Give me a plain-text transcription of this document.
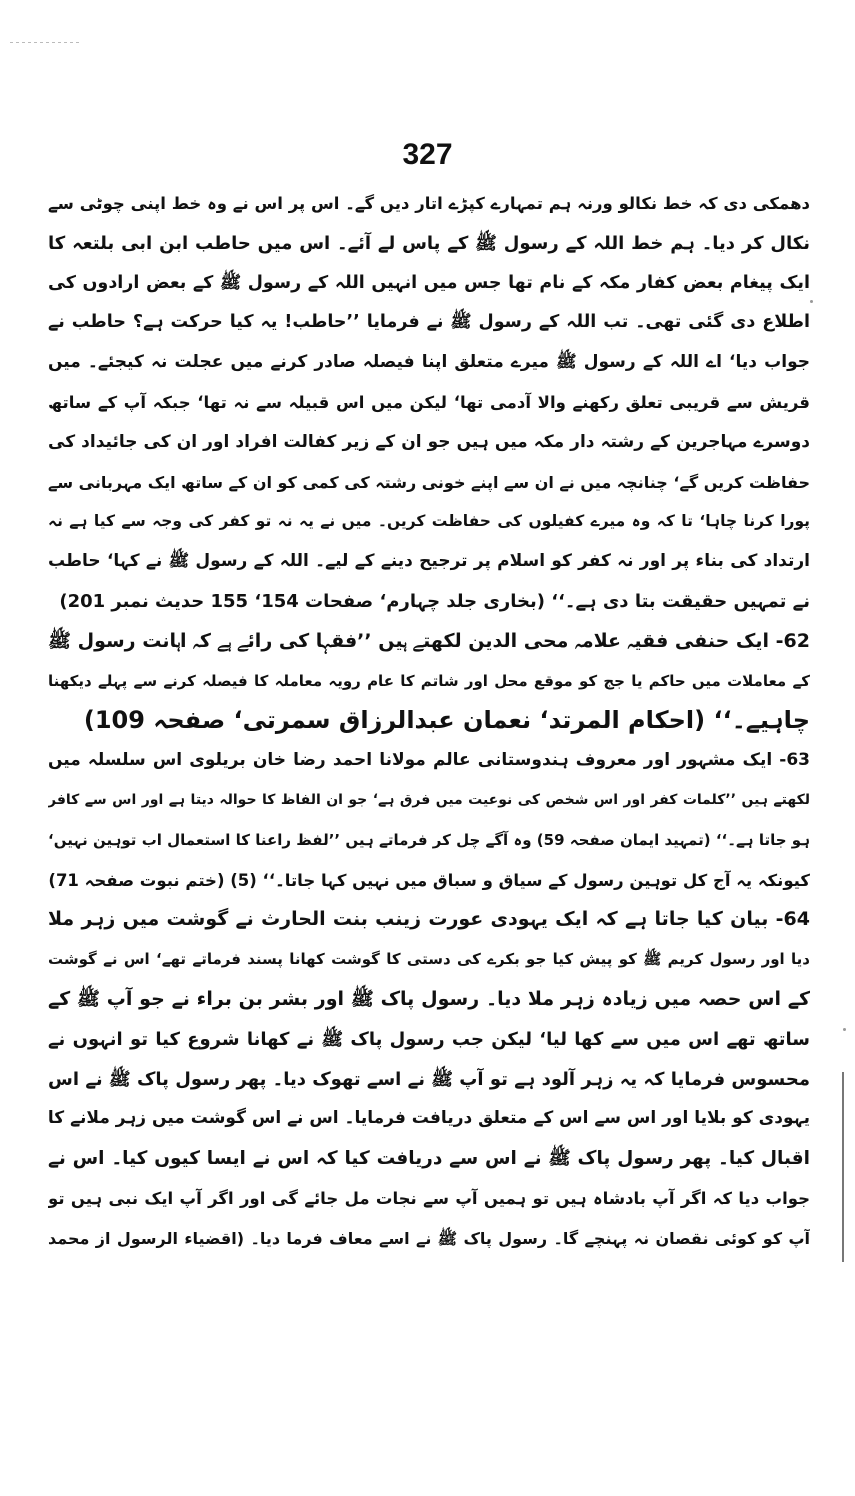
327
دھمکی دی کہ خط نکالو ورنہ ہم تمہارے کپڑے اتار دیں گے۔ اس پر اس نے وہ خط اپنی چوٹی سے
نکال کر دیا۔ ہم خط اللہ کے رسول ﷺ کے پاس لے آئے۔ اس میں حاطب ابن ابی بلتعہ کا
ایک پیغام بعض کفار مکہ کے نام تھا جس میں انہیں اللہ کے رسول ﷺ کے بعض ارادوں کی
اطلاع دی گئی تھی۔ تب اللہ کے رسول ﷺ نے فرمایا ’’حاطب! یہ کیا حرکت ہے؟ حاطب نے
جواب دیا‘ اے اللہ کے رسول ﷺ میرے متعلق اپنا فیصلہ صادر کرنے میں عجلت نہ کیجئے۔ میں
قریش سے قریبی تعلق رکھنے والا آدمی تھا‘ لیکن میں اس قبیلہ سے نہ تھا‘ جبکہ آپ کے ساتھ
دوسرے مہاجرین کے رشتہ دار مکہ میں ہیں جو ان کے زیر کفالت افراد اور ان کی جائیداد کی
حفاظت کریں گے‘ چنانچہ میں نے ان سے اپنے خونی رشتہ کی کمی کو ان کے ساتھ ایک مہربانی سے
پورا کرنا چاہا‘ تا کہ وہ میرے کفیلوں کی حفاظت کریں۔ میں نے یہ نہ تو کفر کی وجہ سے کیا ہے نہ
ارتداد کی بناء پر اور نہ کفر کو اسلام پر ترجیح دینے کے لیے۔ اللہ کے رسول ﷺ نے کہا‘ حاطب
نے تمہیں حقیقت بتا دی ہے۔‘‘ (بخاری جلد چہارم‘ صفحات 154‘ 155 حدیث نمبر 201)
62- ایک حنفی فقیہ علامہ محی الدین لکھتے ہیں ’’فقہا کی رائے ہے کہ اہانت رسول ﷺ
کے معاملات میں حاکم یا جج کو موقع محل اور شاتم کا عام رویہ معاملہ کا فیصلہ کرنے سے پہلے دیکھنا
چاہیے۔‘‘ (احکام المرتد‘ نعمان عبدالرزاق سمرتی‘ صفحہ 109)
63- ایک مشہور اور معروف ہندوستانی عالم مولانا احمد رضا خان بریلوی اس سلسلہ میں
لکھتے ہیں ’’کلمات کفر اور اس شخص کی نوعیت میں فرق ہے‘ جو ان الفاظ کا حوالہ دیتا ہے اور اس سے کافر
ہو جاتا ہے۔‘‘ (تمہید ایمان صفحہ 59) وہ آگے چل کر فرماتے ہیں ’’لفظ راعنا کا استعمال اب توہین نہیں‘
کیونکہ یہ آج کل توہین رسول کے سیاق و سباق میں نہیں کہا جاتا۔‘‘ (5) (ختم نبوت صفحہ 71)
64- بیان کیا جاتا ہے کہ ایک یہودی عورت زینب بنت الحارث نے گوشت میں زہر ملا
دیا اور رسول کریم ﷺ کو پیش کیا جو بکرے کی دستی کا گوشت کھانا پسند فرماتے تھے‘ اس نے گوشت
کے اس حصہ میں زیادہ زہر ملا دیا۔ رسول پاک ﷺ اور بشر بن براء نے جو آپ ﷺ کے
ساتھ تھے اس میں سے کھا لیا‘ لیکن جب رسول پاک ﷺ نے کھانا شروع کیا تو انہوں نے
محسوس فرمایا کہ یہ زہر آلود ہے تو آپ ﷺ نے اسے تھوک دیا۔ پھر رسول پاک ﷺ نے اس
یہودی کو بلایا اور اس سے اس کے متعلق دریافت فرمایا۔ اس نے اس گوشت میں زہر ملانے کا
اقبال کیا۔ پھر رسول پاک ﷺ نے اس سے دریافت کیا کہ اس نے ایسا کیوں کیا۔ اس نے
جواب دیا کہ اگر آپ بادشاہ ہیں تو ہمیں آپ سے نجات مل جائے گی اور اگر آپ ایک نبی ہیں تو
آپ کو کوئی نقصان نہ پہنچے گا۔ رسول پاک ﷺ نے اسے معاف فرما دیا۔ (اقضیاء الرسول از محمد
